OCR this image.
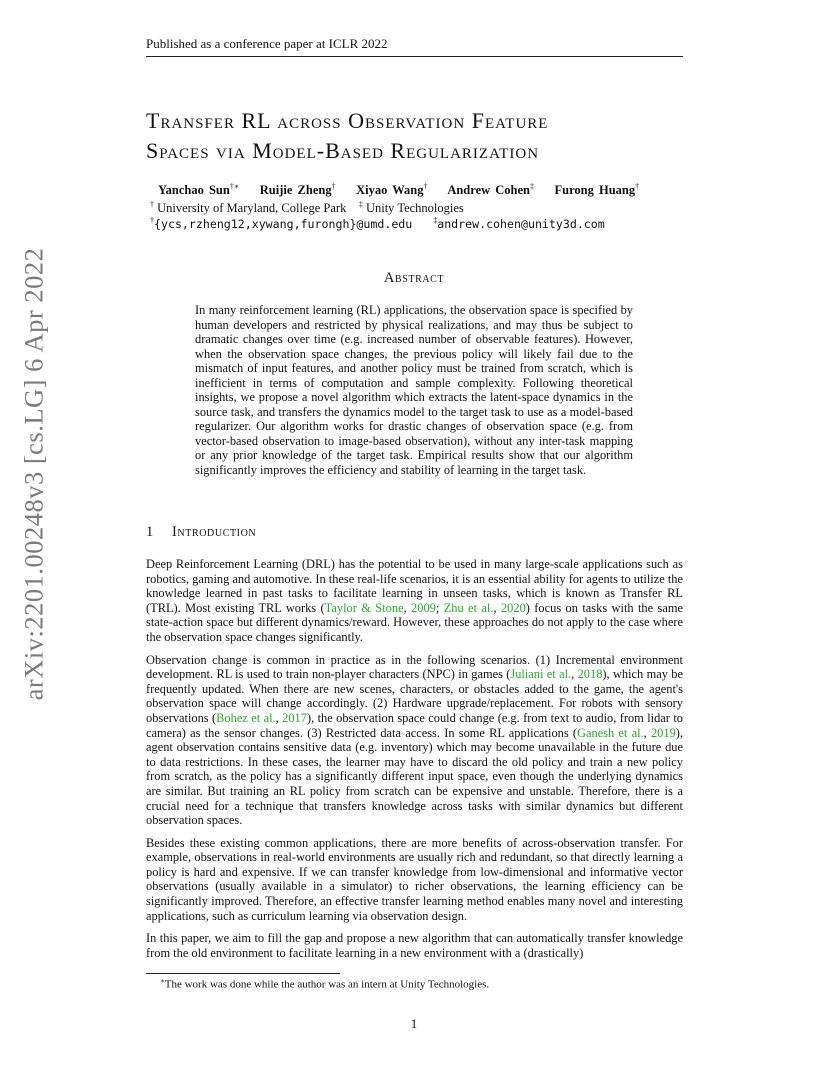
Published as a conference paper at ICLR 2022
arXiv:2201.00248v3 [cs.LG] 6 Apr 2022
Transfer RL across Observation Feature
Spaces via Model-Based Regularization
Yanchao Sun†∗ Ruijie Zheng† Xiyao Wang† Andrew Cohen‡ Furong Huang†
† University of Maryland, College Park ‡ Unity Technologies
†{ycs,rzheng12,xywang,furongh}@umd.edu	‡andrew.cohen@unity3d.com
Abstract
In many reinforcement learning (RL) applications, the observation space is specified by human developers and restricted by physical realizations, and may thus be subject to dramatic changes over time (e.g. increased number of observable features). However, when the observation space changes, the previous policy will likely fail due to the mismatch of input features, and another policy must be trained from scratch, which is inefficient in terms of computation and sample complexity. Following theoretical insights, we propose a novel algorithm which extracts the latent-space dynamics in the source task, and transfers the dynamics model to the target task to use as a model-based regularizer. Our algorithm works for drastic changes of observation space (e.g. from vector-based observation to image-based observation), without any inter-task mapping or any prior knowledge of the target task. Empirical results show that our algorithm significantly improves the efficiency and stability of learning in the target task.
1 Introduction

Deep Reinforcement Learning (DRL) has the potential to be used in many large-scale applications such as robotics, gaming and automotive. In these real-life scenarios, it is an essential ability for agents to utilize the knowledge learned in past tasks to facilitate learning in unseen tasks, which is known as Transfer RL (TRL). Most existing TRL works (Taylor & Stone, 2009; Zhu et al., 2020) focus on tasks with the same state-action space but different dynamics/reward. However, these approaches do not apply to the case where the observation space changes significantly.

Observation change is common in practice as in the following scenarios. (1) Incremental environment development. RL is used to train non-player characters (NPC) in games (Juliani et al., 2018), which may be frequently updated. When there are new scenes, characters, or obstacles added to the game, the agent's observation space will change accordingly. (2) Hardware upgrade/replacement. For robots with sensory observations (Bohez et al., 2017), the observation space could change (e.g. from text to audio, from lidar to camera) as the sensor changes. (3) Restricted data access. In some RL applications (Ganesh et al., 2019), agent observation contains sensitive data (e.g. inventory) which may become unavailable in the future due to data restrictions. In these cases, the learner may have to discard the old policy and train a new policy from scratch, as the policy has a significantly different input space, even though the underlying dynamics are similar. But training an RL policy from scratch can be expensive and unstable. Therefore, there is a crucial need for a technique that transfers knowledge across tasks with similar dynamics but different observation spaces.

Besides these existing common applications, there are more benefits of across-observation transfer. For example, observations in real-world environments are usually rich and redundant, so that directly learning a policy is hard and expensive. If we can transfer knowledge from low-dimensional and informative vector observations (usually available in a simulator) to richer observations, the learning efficiency can be significantly improved. Therefore, an effective transfer learning method enables many novel and interesting applications, such as curriculum learning via observation design.

In this paper, we aim to fill the gap and propose a new algorithm that can automatically transfer knowledge from the old environment to facilitate learning in a new environment with a (drastically)

∗The work was done while the author was an intern at Unity Technologies.
1
